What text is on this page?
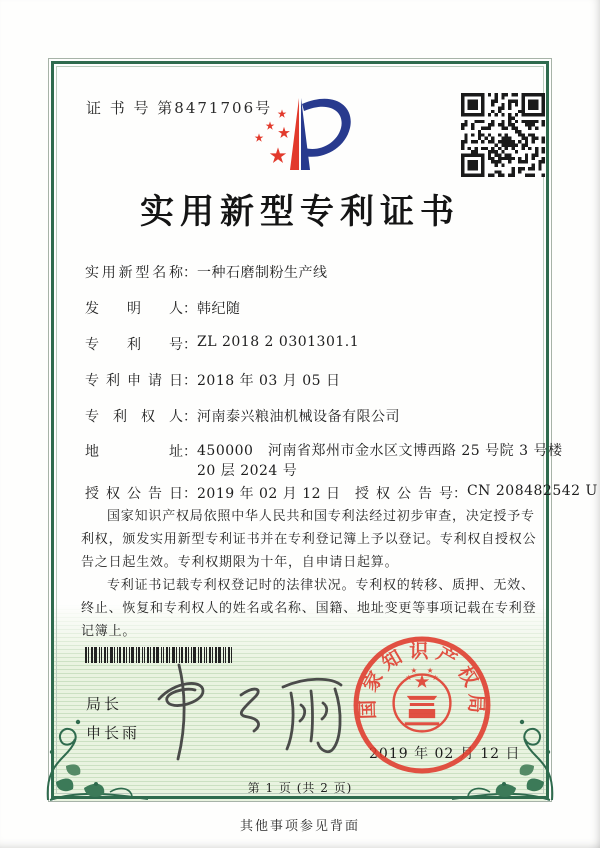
证 书 号 第8471706号
实用新型专利证书
实用新型名称：一种石磨制粉生产线
发明人：韩纪随
专利号：ZL 2018 2 0301301.1
专利申请日：2018 年 03 月 05 日
专利权人：河南泰兴粮油机械设备有限公司
地址：450000　河南省郑州市金水区文博西路 25 号院 3 号楼 20 层 2024 号
授权公告日：2019 年 02 月 12 日 授权公告号：CN 208482542 U

国家知识产权局依照中华人民共和国专利法经过初步审查，决定授予专利权，颁发实用新型专利证书并在专利登记簿上予以登记。专利权自授权公告之日起生效。专利权期限为十年，自申请日起算。

专利证书记载专利权登记时的法律状况。专利权的转移、质押、无效、终止、恢复和专利权人的姓名或名称、国籍、地址变更等事项记载在专利登记簿上。

局长
申长雨
国家知识产权局
2019 年 02 月 12 日
第 1 页 (共 2 页)
其他事项参见背面
